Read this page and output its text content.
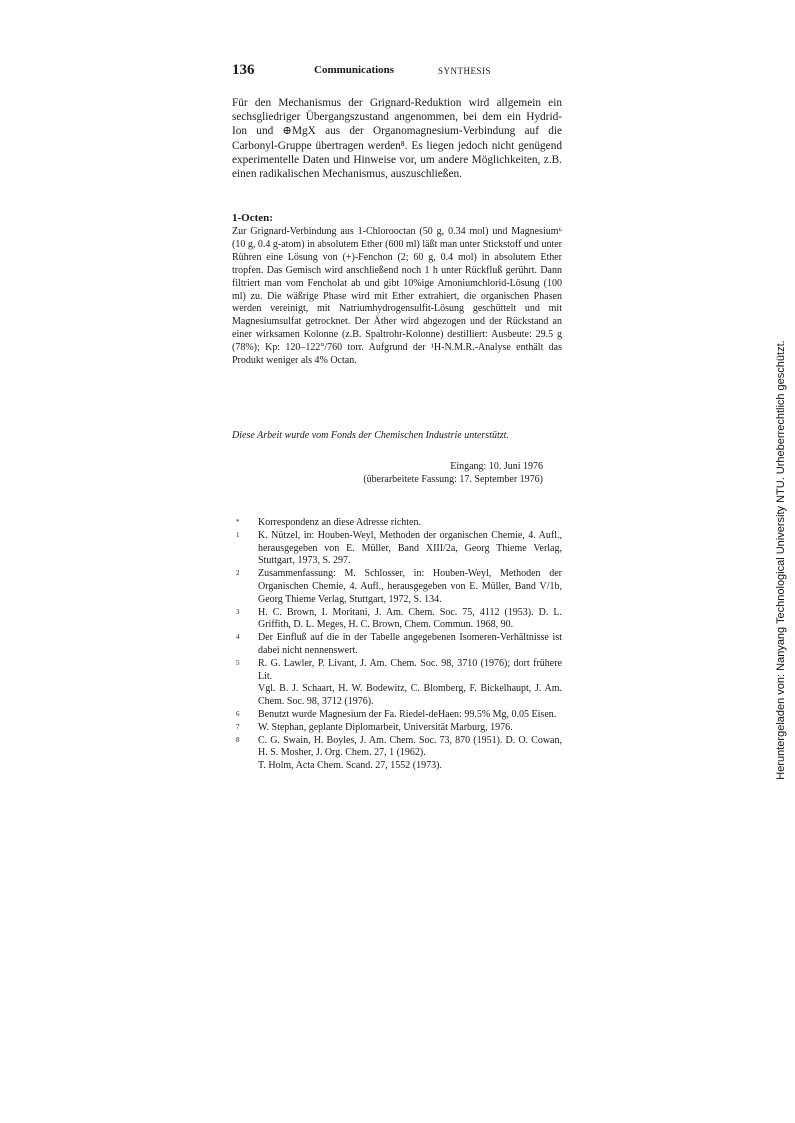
136	Communications	SYNTHESIS

Für den Mechanismus der Grignard-Reduktion wird allgemein ein sechsgliedriger Übergangszustand angenommen, bei dem ein Hydrid-Ion und ⊕MgX aus der Organomagnesium-Verbindung auf die Carbonyl-Gruppe übertragen werden⁸. Es liegen jedoch nicht genügend experimentelle Daten und Hinweise vor, um andere Möglichkeiten, z.B. einen radikalischen Mechanismus, auszuschließen.

1-Octen:

Zur Grignard-Verbindung aus 1-Chlorooctan (50 g, 0.34 mol) und Magnesium⁶ (10 g, 0.4 g-atom) in absolutem Ether (600 ml) läßt man unter Stickstoff und unter Rühren eine Lösung von (+)-Fenchon (2; 60 g, 0.4 mol) in absolutem Ether tropfen. Das Gemisch wird anschließend noch 1 h unter Rückfluß gerührt. Dann filtriert man vom Fencholat ab und gibt 10%ige Amoniumchlorid-Lösung (100 ml) zu. Die wäßrige Phase wird mit Ether extrahiert, die organischen Phasen werden vereinigt, mit Natriumhydrogensulfit-Lösung geschüttelt und mit Magnesiumsulfat getrocknet. Der Äther wird abgezogen und der Rückstand an einer wirksamen Kolonne (z.B. Spaltrohr-Kolonne) destilliert: Ausbeute: 29.5 g (78%); Kp: 120–122°/760 torr. Aufgrund der ¹H-N.M.R.-Analyse enthält das Produkt weniger als 4% Octan.

Diese Arbeit wurde vom Fonds der Chemischen Industrie unterstützt.

Eingang: 10. Juni 1976
(überarbeitete Fassung: 17. September 1976)
* Korrespondenz an diese Adresse richten.
1 K. Nützel, in: Houben-Weyl, Methoden der organischen Chemie, 4. Aufl., herausgegeben von E. Müller, Band XIII/2a, Georg Thieme Verlag, Stuttgart, 1973, S. 297.
2 Zusammenfassung: M. Schlosser, in: Houben-Weyl, Methoden der Organischen Chemie, 4. Aufl., herausgegeben von E. Müller, Band V/1b, Georg Thieme Verlag, Stuttgart, 1972, S. 134.
3 H. C. Brown, I. Moritani, J. Am. Chem. Soc. 75, 4112 (1953). D. L. Griffith, D. L. Meges, H. C. Brown, Chem. Commun. 1968, 90.
4 Der Einfluß auf die in der Tabelle angegebenen Isomeren-Verhältnisse ist dabei nicht nennenswert.
5 R. G. Lawler, P. Livant, J. Am. Chem. Soc. 98, 3710 (1976); dort frühere Lit.
Vgl. B. J. Schaart, H. W. Bodewitz, C. Blomberg, F. Bickelhaupt, J. Am. Chem. Soc. 98, 3712 (1976).
6 Benutzt wurde Magnesium der Fa. Riedel-deHaen: 99.5% Mg, 0.05 Eisen.
7 W. Stephan, geplante Diplomarbeit, Universität Marburg, 1976.
8 C. G. Swain, H. Boyles, J. Am. Chem. Soc. 73, 870 (1951). D. O. Cowan, H. S. Mosher, J. Org. Chem. 27, 1 (1962).
T. Holm, Acta Chem. Scand. 27, 1552 (1973).	Heruntergeladen von: Nanyang Technological University NTU. Urheberrechtlich geschützt.
